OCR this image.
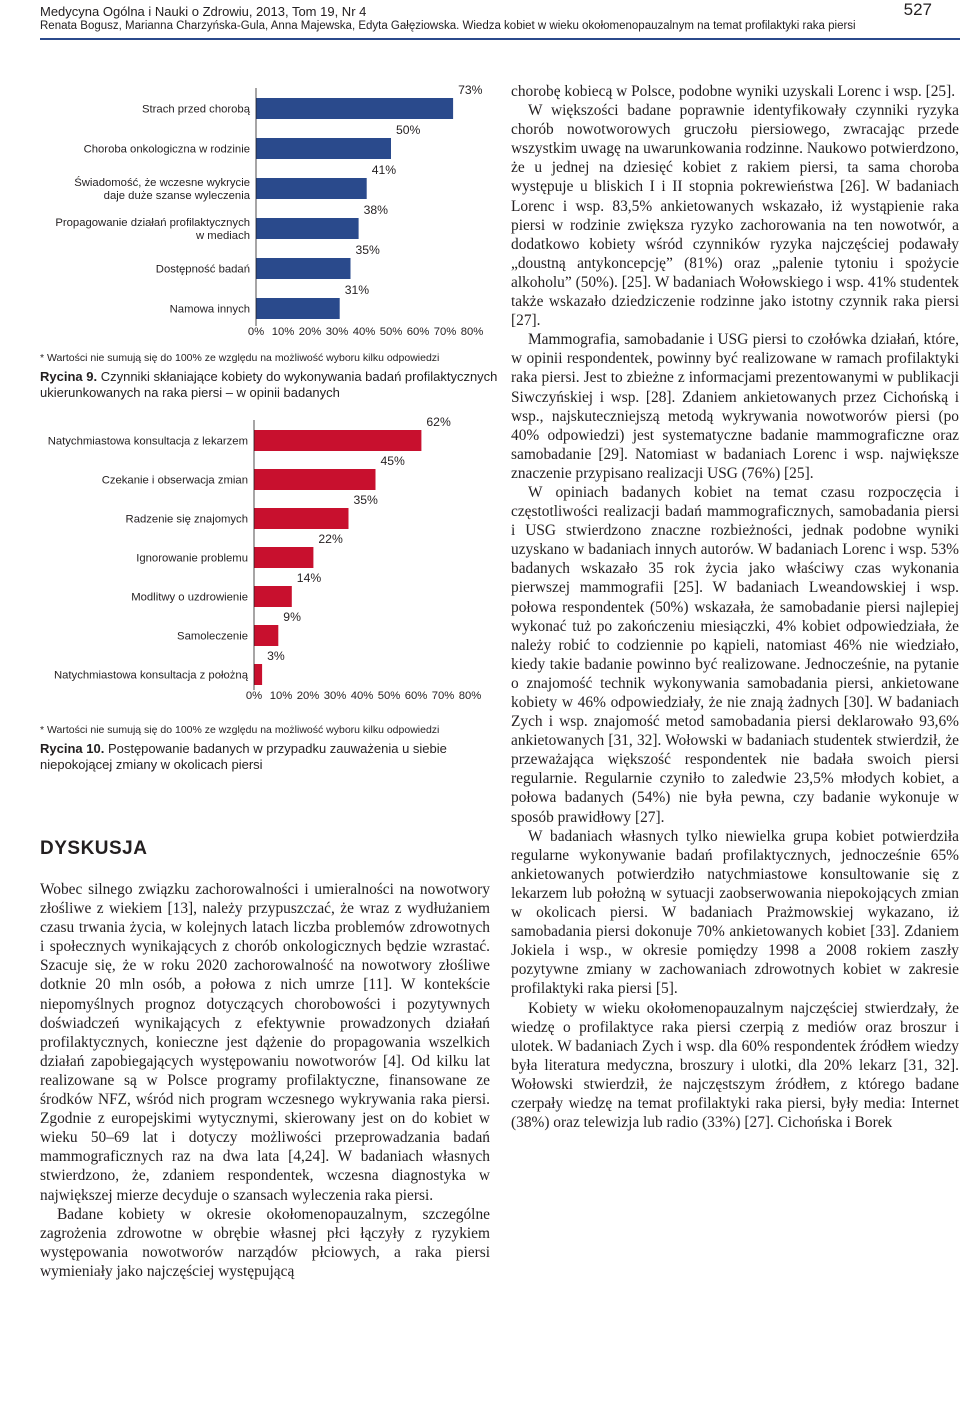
Medycyna Ogólna i Nauki o Zdrowiu, 2013, Tom 19, Nr 4
Renata Bogusz, Marianna Charzyńska-Gula, Anna Majewska, Edyta Gałęziowska. Wiedza kobiet w wieku okołomenopauzalnym na temat profilaktyki raka piersi
527
Strach przed chorobą
73%
Choroba onkologiczna w rodzinie
50%
Świadomość, że wczesne wykrycie
daje duże szanse wyleczenia
41%
Propagowanie działań profilaktycznych
w mediach
38%
Dostępność badań
35%
Namowa innych
31%
0% 10% 20% 30% 40% 50% 60% 70% 80%
* Wartości nie sumują się do 100% ze względu na możliwość wyboru kilku odpowiedzi
Rycina 9. Czynniki skłaniające kobiety do wykonywania badań profilaktycznych ukierunkowanych na raka piersi – w opinii badanych
Natychmiastowa konsultacja z lekarzem
62%
Czekanie i obserwacja zmian
45%
Radzenie się znajomych
35%
Ignorowanie problemu
22%
Modlitwy o uzdrowienie
14%
Samoleczenie
9%
Natychmiastowa konsultacja z położną
3%
0% 10% 20% 30% 40% 50% 60% 70% 80%
* Wartości nie sumują się do 100% ze względu na możliwość wyboru kilku odpowiedzi
Rycina 10. Postępowanie badanych w przypadku zauważenia u siebie niepokojącej zmiany w okolicach piersi
DYSKUSJA

Wobec silnego związku zachorowalności i umieralności na nowotwory złośliwe z wiekiem [13], należy przypuszczać, że wraz z wydłużaniem czasu trwania życia, w kolejnych latach liczba problemów zdrowotnych i społecznych wynikających z chorób onkologicznych będzie wzrastać. Szacuje się, że w roku 2020 zachorowalność na nowotwory złośliwe dotknie 20 mln osób, a połowa z nich umrze [11]. W kontekście niepomyślnych prognoz dotyczących chorobowości i pozytywnych doświadczeń wynikających z efektywnie prowadzonych działań profilaktycznych, konieczne jest dążenie do propagowania wszelkich działań zapobiegających występowaniu nowotworów [4]. Od kilku lat realizowane są w Polsce programy profilaktyczne, finansowane ze środków NFZ, wśród nich program wczesnego wykrywania raka piersi. Zgodnie z europejskimi wytycznymi, skierowany jest on do kobiet w wieku 50–69 lat i dotyczy możliwości przeprowadzania badań mammograficznych raz na dwa lata [4,24]. W badaniach własnych stwierdzono, że, zdaniem respondentek, wczesna diagnostyka w największej mierze decyduje o szansach wyleczenia raka piersi.

Badane kobiety w okresie okołomenopauzalnym, szczególne zagrożenia zdrowotne w obrębie własnej płci łączyły z ryzykiem występowania nowotworów narządów płciowych, a raka piersi wymieniały jako najczęściej występującą

chorobę kobiecą w Polsce, podobne wyniki uzyskali Lorenc i wsp. [25].

W większości badane poprawnie identyfikowały czynniki ryzyka chorób nowotworowych gruczołu piersiowego, zwracając przede wszystkim uwagę na uwarunkowania rodzinne. Naukowo potwierdzono, że u jednej na dziesięć kobiet z rakiem piersi, ta sama choroba występuje u bliskich I i II stopnia pokrewieństwa [26]. W badaniach Lorenc i wsp. 83,5% ankietowanych wskazało, iż wystąpienie raka piersi w rodzinie zwiększa ryzyko zachorowania na ten nowotwór, a dodatkowo kobiety wśród czynników ryzyka najczęściej podawały „doustną antykoncepcję” (81%) oraz „palenie tytoniu i spożycie alkoholu” (50%). [25]. W badaniach Wołowskiego i wsp. 41% studentek także wskazało dziedziczenie rodzinne jako istotny czynnik raka piersi [27].

Mammografia, samobadanie i USG piersi to czołówka działań, które, w opinii respondentek, powinny być realizowane w ramach profilaktyki raka piersi. Jest to zbieżne z informacjami prezentowanymi w publikacji Siwczyńskiej i wsp. [28]. Zdaniem ankietowanych przez Cichońską i wsp., najskuteczniejszą metodą wykrywania nowotworów piersi (po 40% odpowiedzi) jest systematyczne badanie mammograficzne oraz samobadanie [29]. Natomiast w badaniach Lorenc i wsp. największe znaczenie przypisano realizacji USG (76%) [25].

W opiniach badanych kobiet na temat czasu rozpoczęcia i częstotliwości realizacji badań mammograficznych, samobadania piersi i USG stwierdzono znaczne rozbieżności, jednak podobne wyniki uzyskano w badaniach innych autorów. W badaniach Lorenc i wsp. 53% badanych wskazało 35 rok życia jako właściwy czas wykonania pierwszej mammografii [25]. W badaniach Lweandowskiej i wsp. połowa respondentek (50%) wskazała, że samobadanie piersi najlepiej wykonać tuż po zakończeniu miesiączki, 4% kobiet odpowiedziała, że należy robić to codziennie po kąpieli, natomiast 46% nie wiedziało, kiedy takie badanie powinno być realizowane. Jednocześnie, na pytanie o znajomość technik wykonywania samobadania piersi, ankietowane kobiety w 46% odpowiedziały, że nie znają żadnych [30]. W badaniach Zych i wsp. znajomość metod samobadania piersi deklarowało 93,6% ankietowanych [31, 32]. Wołowski w badaniach studentek stwierdził, że przeważająca większość respondentek nie badała swoich piersi regularnie. Regularnie czyniło to zaledwie 23,5% młodych kobiet, a połowa badanych (54%) nie była pewna, czy badanie wykonuje w sposób prawidłowy [27].

W badaniach własnych tylko niewielka grupa kobiet potwierdziła regularne wykonywanie badań profilaktycznych, jednocześnie 65% ankietowanych potwierdziło natychmiastowe konsultowanie się z lekarzem lub położną w sytuacji zaobserwowania niepokojących zmian w okolicach piersi. W badaniach Prażmowskiej wykazano, iż samobadania piersi dokonuje 70% ankietowanych kobiet [33]. Zdaniem Jokiela i wsp., w okresie pomiędzy 1998 a 2008 rokiem zaszły pozytywne zmiany w zachowaniach zdrowotnych kobiet w zakresie profilaktyki raka piersi [5].

Kobiety w wieku okołomenopauzalnym najczęściej stwierdzały, że wiedzę o profilaktyce raka piersi czerpią z mediów oraz broszur i ulotek. W badaniach Zych i wsp. dla 60% respondentek źródłem wiedzy była literatura medyczna, broszury i ulotki, dla 20% lekarz [31, 32]. Wołowski stwierdził, że najczęstszym źródłem, z którego badane czerpały wiedzę na temat profilaktyki raka piersi, były media: Internet (38%) oraz telewizja lub radio (33%) [27]. Cichońska i Borek
